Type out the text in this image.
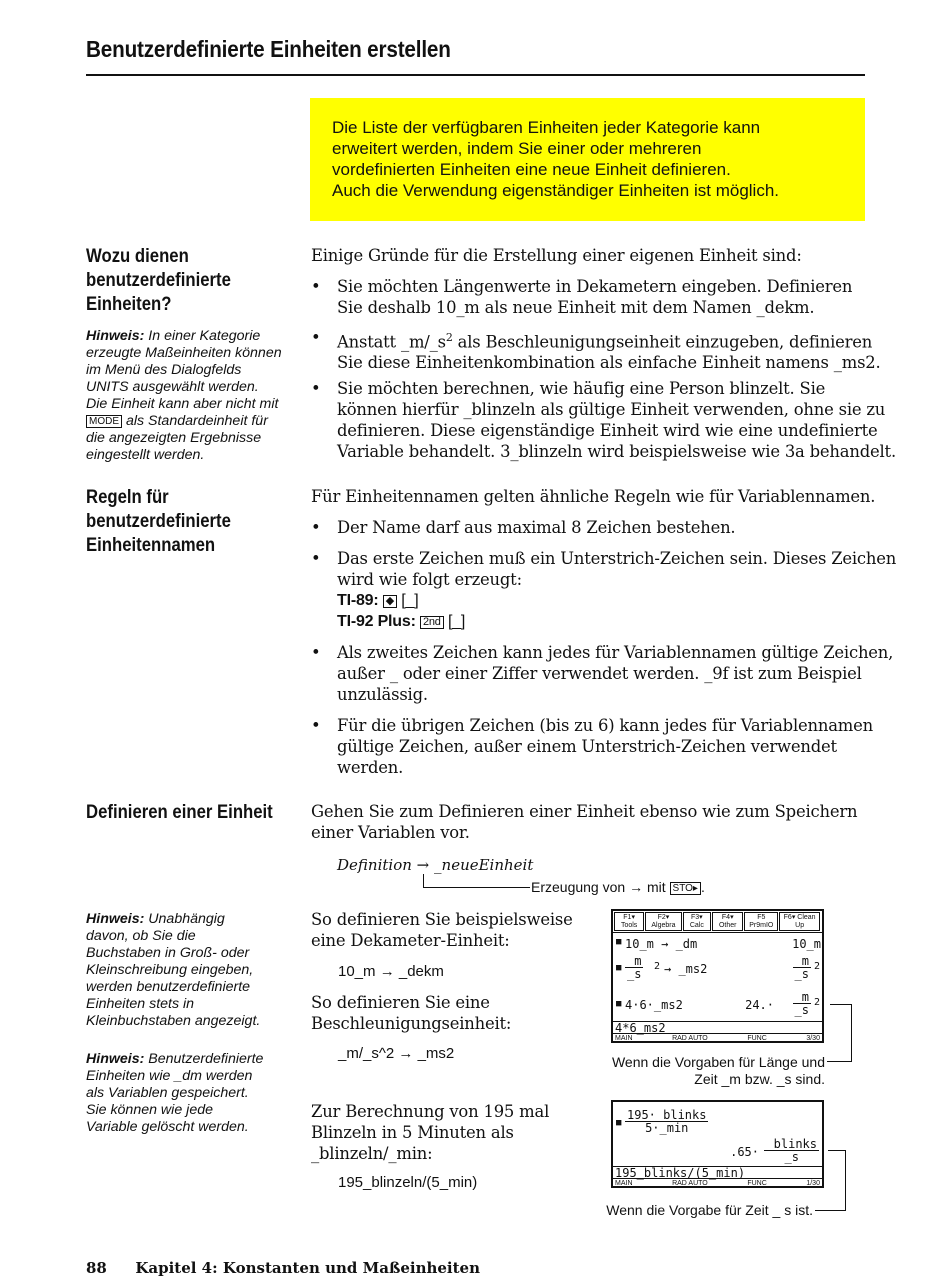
Benutzerdefinierte Einheiten erstellen
Die Liste der verfügbaren Einheiten jeder Kategorie kann
erweitert werden, indem Sie einer oder mehreren
vordefinierten Einheiten eine neue Einheit definieren.
Auch die Verwendung eigenständiger Einheiten ist möglich.
Wozu dienen
benutzerdefinierte
Einheiten?
Hinweis: In einer Kategorie
erzeugte Maßeinheiten können
im Menü des Dialogfelds
UNITS ausgewählt werden.
Die Einheit kann aber nicht mit
MODE als Standardeinheit für
die angezeigten Ergebnisse
eingestellt werden.
Einige Gründe für die Erstellung einer eigenen Einheit sind:
• Sie möchten Längenwerte in Dekametern eingeben. Definieren
Sie deshalb 10_m als neue Einheit mit dem Namen _dekm.
• Anstatt $\_m/\_s^2$ als Beschleunigungseinheit einzugeben, definieren
Sie diese Einheitenkombination als einfache Einheit namens _ms2.
• Sie möchten berechnen, wie häufig eine Person blinzelt. Sie
können hierfür _blinzeln als gültige Einheit verwenden, ohne sie zu
definieren. Diese eigenständige Einheit wird wie eine undefinierte
Variable behandelt. 3_blinzeln wird beispielsweise wie 3a behandelt.
Regeln für
benutzerdefinierte
Einheitennamen
Für Einheitennamen gelten ähnliche Regeln wie für Variablennamen.
• Der Name darf aus maximal 8 Zeichen bestehen.
• Das erste Zeichen muß ein Unterstrich-Zeichen sein. Dieses Zeichen
wird wie folgt erzeugt:
TI-89: ◆ [_]
TI-92 Plus: 2nd [_]
• Als zweites Zeichen kann jedes für Variablennamen gültige Zeichen,
außer _ oder einer Ziffer verwendet werden. _9f ist zum Beispiel
unzulässig.
• Für die übrigen Zeichen (bis zu 6) kann jedes für Variablennamen
gültige Zeichen, außer einem Unterstrich-Zeichen verwendet
werden.
Definieren einer Einheit Gehen Sie zum Definieren einer Einheit ebenso wie zum Speichern
einer Variablen vor.
Definition → _neueEinheit
Erzeugung von → mit STO▸ .
Hinweis: Unabhängig
davon, ob Sie die
Buchstaben in Groß- oder
Kleinschreibung eingeben,
werden benutzerdefinierte
Einheiten stets in
Kleinbuchstaben angezeigt.
Hinweis: Benutzerdefinierte
Einheiten wie _dm werden
als Variablen gespeichert.
Sie können wie jede
Variable gelöscht werden.
So definieren Sie beispielsweise
eine Dekameter-Einheit:
10_m → _dekm
So definieren Sie eine
Beschleunigungseinheit:
_m/_s^2 → _ms2
Zur Berechnung von 195 mal
Blinzeln in 5 Minuten als
_blinzeln/_min:
195_blinzeln/(5_min)
F1▾ Tools
F2▾ Algebra
F3▾ Calc
F4▾ Other
F5 Pr9mIO
F6▾ Clean Up
■ 10_m → _dm	10_m
■ $\frac{\_m}{\_s} 2$ → _ms2	$\frac{\_m}{\_s} 2$
■ 4·6·_ms2	$24.\cdot \frac{\_m}{\_s} 2$
4*6_ms2
MAIN	RAD AUTO	FUNC	3/30
Wenn die Vorgaben für Länge und
Zeit _m bzw. _s sind.
■
195·_blinks
5·_min
.65·
_blinks
_s
195_blinks/(5_min)
MAIN	RAD AUTO	FUNC	1/30
Wenn die Vorgabe für Zeit _ s ist.
88 Kapitel 4: Konstanten und Maßeinheiten
